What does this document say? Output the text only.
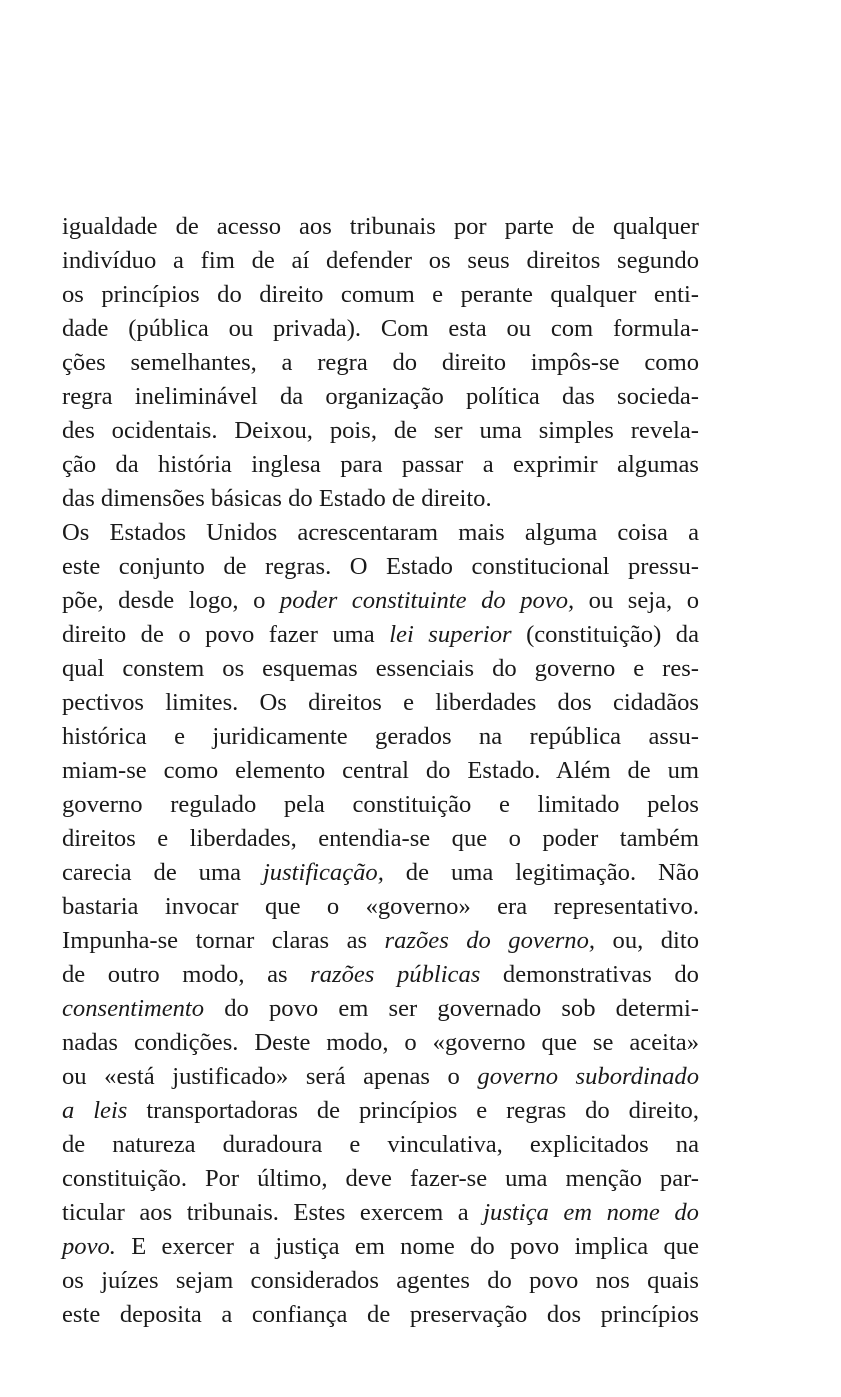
igualdade de acesso aos tribunais por parte de qualquer
indivíduo a fim de aí defender os seus direitos segundo
os princípios do direito comum e perante qualquer enti-
dade (pública ou privada). Com esta ou com formula-
ções semelhantes, a regra do direito impôs-se como
regra ineliminável da organização política das socieda-
des ocidentais. Deixou, pois, de ser uma simples revela-
ção da história inglesa para passar a exprimir algumas
das dimensões básicas do Estado de direito.
Os Estados Unidos acrescentaram mais alguma coisa a
este conjunto de regras. O Estado constitucional pressu-
põe, desde logo, o poder constituinte do povo, ou seja, o
direito de o povo fazer uma lei superior (constituição) da
qual constem os esquemas essenciais do governo e res-
pectivos limites. Os direitos e liberdades dos cidadãos
histórica e juridicamente gerados na república assu-
miam-se como elemento central do Estado. Além de um
governo regulado pela constituição e limitado pelos
direitos e liberdades, entendia-se que o poder também
carecia de uma justificação, de uma legitimação. Não
bastaria invocar que o «governo» era representativo.
Impunha-se tornar claras as razões do governo, ou, dito
de outro modo, as razões públicas demonstrativas do
consentimento do povo em ser governado sob determi-
nadas condições. Deste modo, o «governo que se aceita»
ou «está justificado» será apenas o governo subordinado
a leis transportadoras de princípios e regras do direito,
de natureza duradoura e vinculativa, explicitados na
constituição. Por último, deve fazer-se uma menção par-
ticular aos tribunais. Estes exercem a justiça em nome do
povo. E exercer a justiça em nome do povo implica que
os juízes sejam considerados agentes do povo nos quais
este deposita a confiança de preservação dos princípios
